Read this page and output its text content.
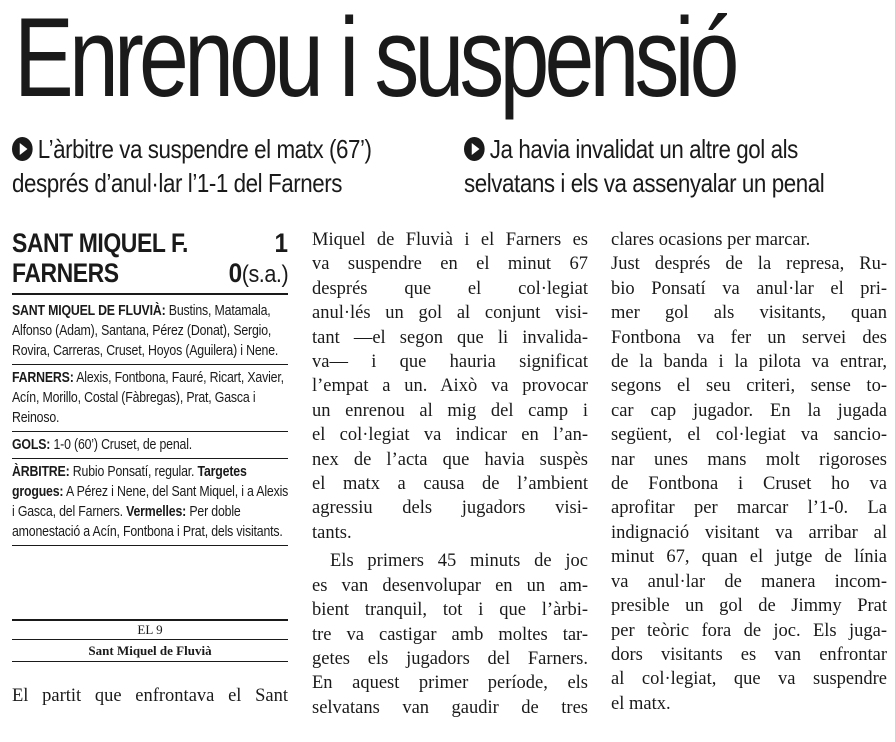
Enrenou i suspensió
L’àrbitre va suspendre el matx (67’)
després d’anul·lar l’1-1 del Farners
Ja havia invalidat un altre gol als
selvatans i els va assenyalar un penal
SANT MIQUEL F.	1
FARNERS	0(s.a.)
SANT MIQUEL DE FLUVIÀ: Bustins, Matamala, Alfonso (Adam), Santana, Pérez (Donat), Sergio, Rovira, Carreras, Cruset, Hoyos (Aguilera) i Nene.
FARNERS: Alexis, Fontbona, Fauré, Ricart, Xavier, Acín, Morillo, Costal (Fàbregas), Prat, Gasca i Reinoso.
GOLS: 1-0 (60’) Cruset, de penal.
ÀRBITRE: Rubio Ponsatí, regular. Targetes grogues: A Pérez i Nene, del Sant Miquel, i a Alexis i Gasca, del Farners. Vermelles: Per doble amonestació a Acín, Fontbona i Prat, dels visitants.
EL 9
Sant Miquel de Fluvià
El partit que enfrontava el Sant
Miquel de Fluvià i el Farners es
va suspendre en el minut 67
després que el col·legiat
anul·lés un gol al conjunt visi-
tant —el segon que li invalida-
va— i que hauria significat
l’empat a un. Això va provocar
un enrenou al mig del camp i
el col·legiat va indicar en l’an-
nex de l’acta que havia suspès
el matx a causa de l’ambient
agressiu dels jugadors visi-
tants.
Els primers 45 minuts de joc
es van desenvolupar en un am-
bient tranquil, tot i que l’àrbi-
tre va castigar amb moltes tar-
getes els jugadors del Farners.
En aquest primer període, els
selvatans van gaudir de tres
clares ocasions per marcar.
Just després de la represa, Ru-
bio Ponsatí va anul·lar el pri-
mer gol als visitants, quan
Fontbona va fer un servei des
de la banda i la pilota va entrar,
segons el seu criteri, sense to-
car cap jugador. En la jugada
següent, el col·legiat va sancio-
nar unes mans molt rigoroses
de Fontbona i Cruset ho va
aprofitar per marcar l’1-0. La
indignació visitant va arribar al
minut 67, quan el jutge de línia
va anul·lar de manera incom-
presible un gol de Jimmy Prat
per teòric fora de joc. Els juga-
dors visitants es van enfrontar
al col·legiat, que va suspendre
el matx.
